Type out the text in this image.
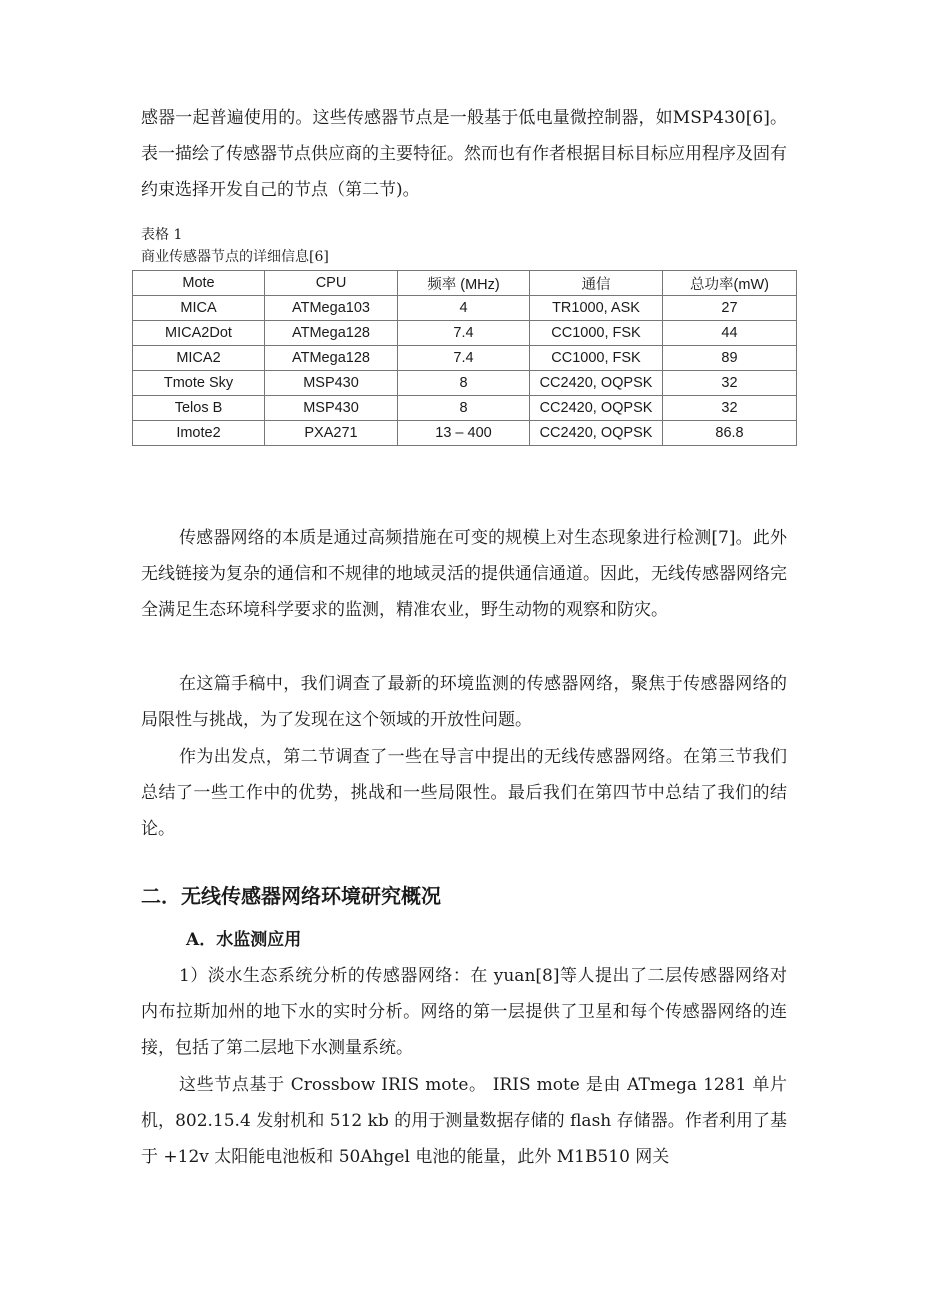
感器一起普遍使用的。这些传感器节点是一般基于低电量微控制器，如MSP430[6]。表一描绘了传感器节点供应商的主要特征。然而也有作者根据目标目标应用程序及固有约束选择开发自己的节点（第二节)。

表格 1

商业传感器节点的详细信息[6]

Mote	CPU	频率 (MHz)	通信	总功率(mW)
MICA	ATMega103	4	TR1000, ASK	27
MICA2Dot	ATMega128	7.4	CC1000, FSK	44
MICA2	ATMega128	7.4	CC1000, FSK	89
Tmote Sky	MSP430	8	CC2420, OQPSK	32
Telos B	MSP430	8	CC2420, OQPSK	32
Imote2	PXA271	13 – 400	CC2420, OQPSK	86.8

传感器网络的本质是通过高频措施在可变的规模上对生态现象进行检测[7]。此外无线链接为复杂的通信和不规律的地域灵活的提供通信通道。因此，无线传感器网络完全满足生态环境科学要求的监测，精准农业，野生动物的观察和防灾。

在这篇手稿中，我们调查了最新的环境监测的传感器网络，聚焦于传感器网络的局限性与挑战，为了发现在这个领域的开放性问题。

作为出发点，第二节调查了一些在导言中提出的无线传感器网络。在第三节我们总结了一些工作中的优势，挑战和一些局限性。最后我们在第四节中总结了我们的结论。

二．无线传感器网络环境研究概况
A．水监测应用

1）淡水生态系统分析的传感器网络：在 yuan[8]等人提出了二层传感器网络对内布拉斯加州的地下水的实时分析。网络的第一层提供了卫星和每个传感器网络的连接，包括了第二层地下水测量系统。

这些节点基于 Crossbow IRIS mote。 IRIS mote 是由 ATmega 1281 单片机，802.15.4 发射机和 512 kb 的用于测量数据存储的 flash 存储器。作者利用了基于 +12v 太阳能电池板和 50Ahgel 电池的能量，此外 M1B510 网关
